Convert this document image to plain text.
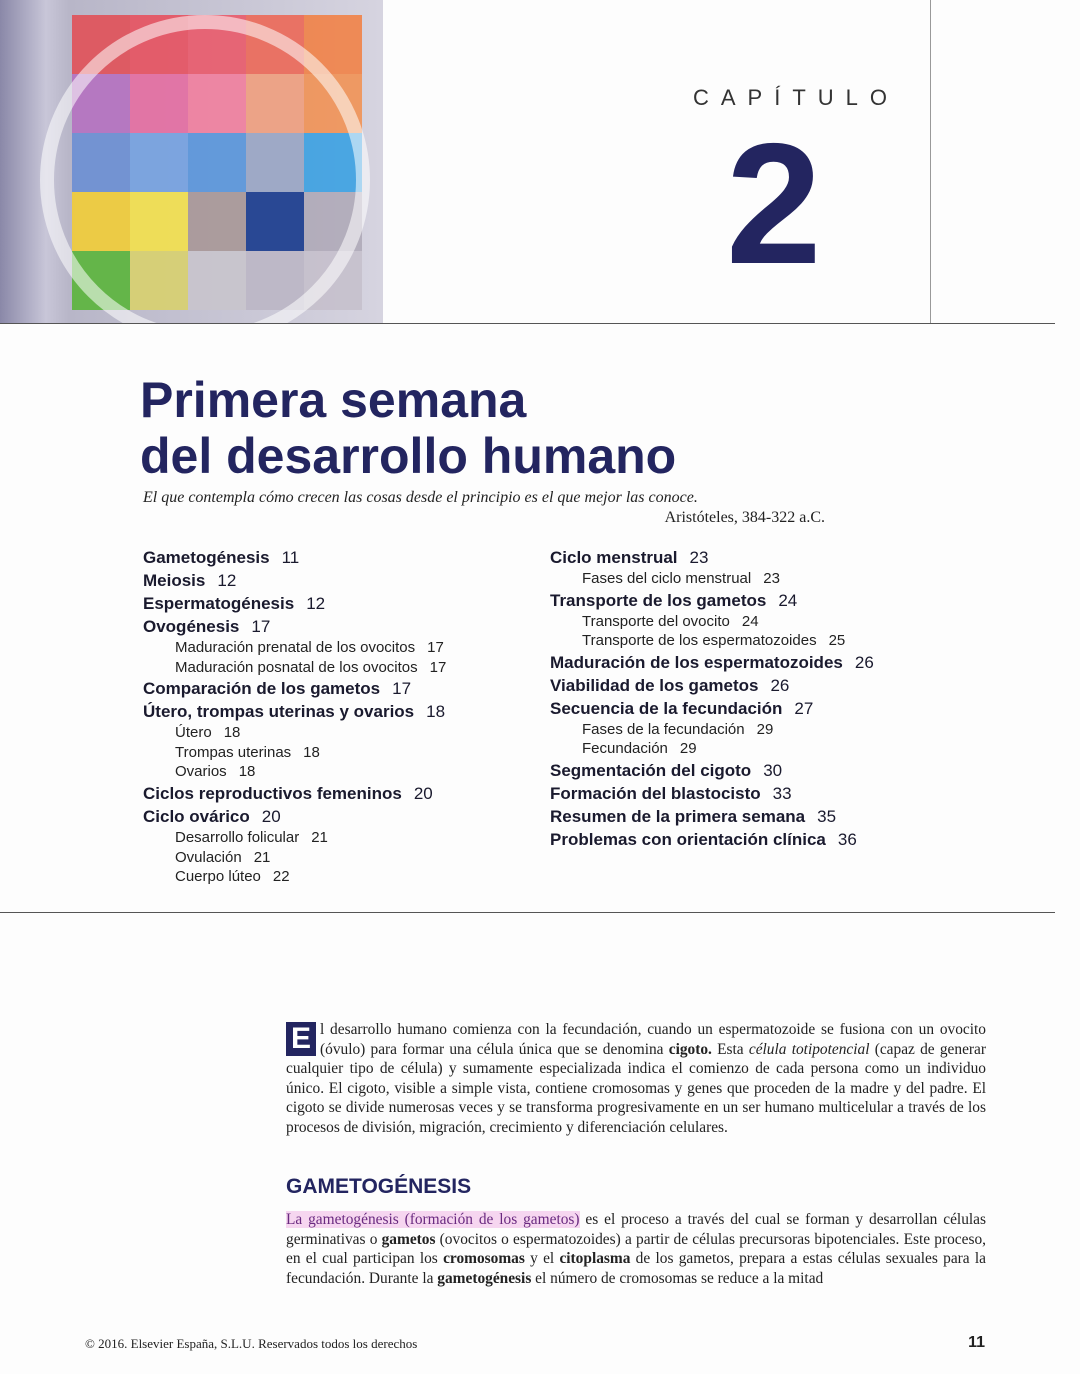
CAPÍTULO
2
Primera semana
del desarrollo humano
El que contempla cómo crecen las cosas desde el principio es el que mejor las conoce.
Aristóteles, 384-322 a.C.
Gametogénesis 11
Meiosis 12
Espermatogénesis 12
Ovogénesis 17
Maduración prenatal de los ovocitos 17
Maduración posnatal de los ovocitos 17
Comparación de los gametos 17
Útero, trompas uterinas y ovarios 18
Útero 18
Trompas uterinas 18
Ovarios 18
Ciclos reproductivos femeninos 20
Ciclo ovárico 20
Desarrollo folicular 21
Ovulación 21
Cuerpo lúteo 22
Ciclo menstrual 23
Fases del ciclo menstrual 23
Transporte de los gametos 24
Transporte del ovocito 24
Transporte de los espermatozoides 25
Maduración de los espermatozoides 26
Viabilidad de los gametos 26
Secuencia de la fecundación 27
Fases de la fecundación 29
Fecundación 29
Segmentación del cigoto 30
Formación del blastocisto 33
Resumen de la primera semana 35
Problemas con orientación clínica 36
E l desarrollo humano comienza con la fecundación, cuando un espermatozoide se fusiona con un ovocito (óvulo) para formar una célula única que se denomina cigoto. Esta célula totipotencial (capaz de generar cualquier tipo de célula) y sumamente especializada indica el comienzo de cada persona como un individuo único. El cigoto, visible a simple vista, contiene cromosomas y genes que proceden de la madre y del padre. El cigoto se divide numerosas veces y se transforma progresivamente en un ser humano multicelular a través de los procesos de división, migración, crecimiento y diferenciación celulares.
GAMETOGÉNESIS
La gametogénesis (formación de los gametos) es el proceso a través del cual se forman y desarrollan células germinativas o gametos (ovocitos o espermatozoides) a partir de células precursoras bipotenciales. Este proceso, en el cual participan los cromosomas y el citoplasma de los gametos, prepara a estas células sexuales para la fecundación. Durante la gametogénesis el número de cromosomas se reduce a la mitad
© 2016. Elsevier España, S.L.U. Reservados todos los derechos	11
